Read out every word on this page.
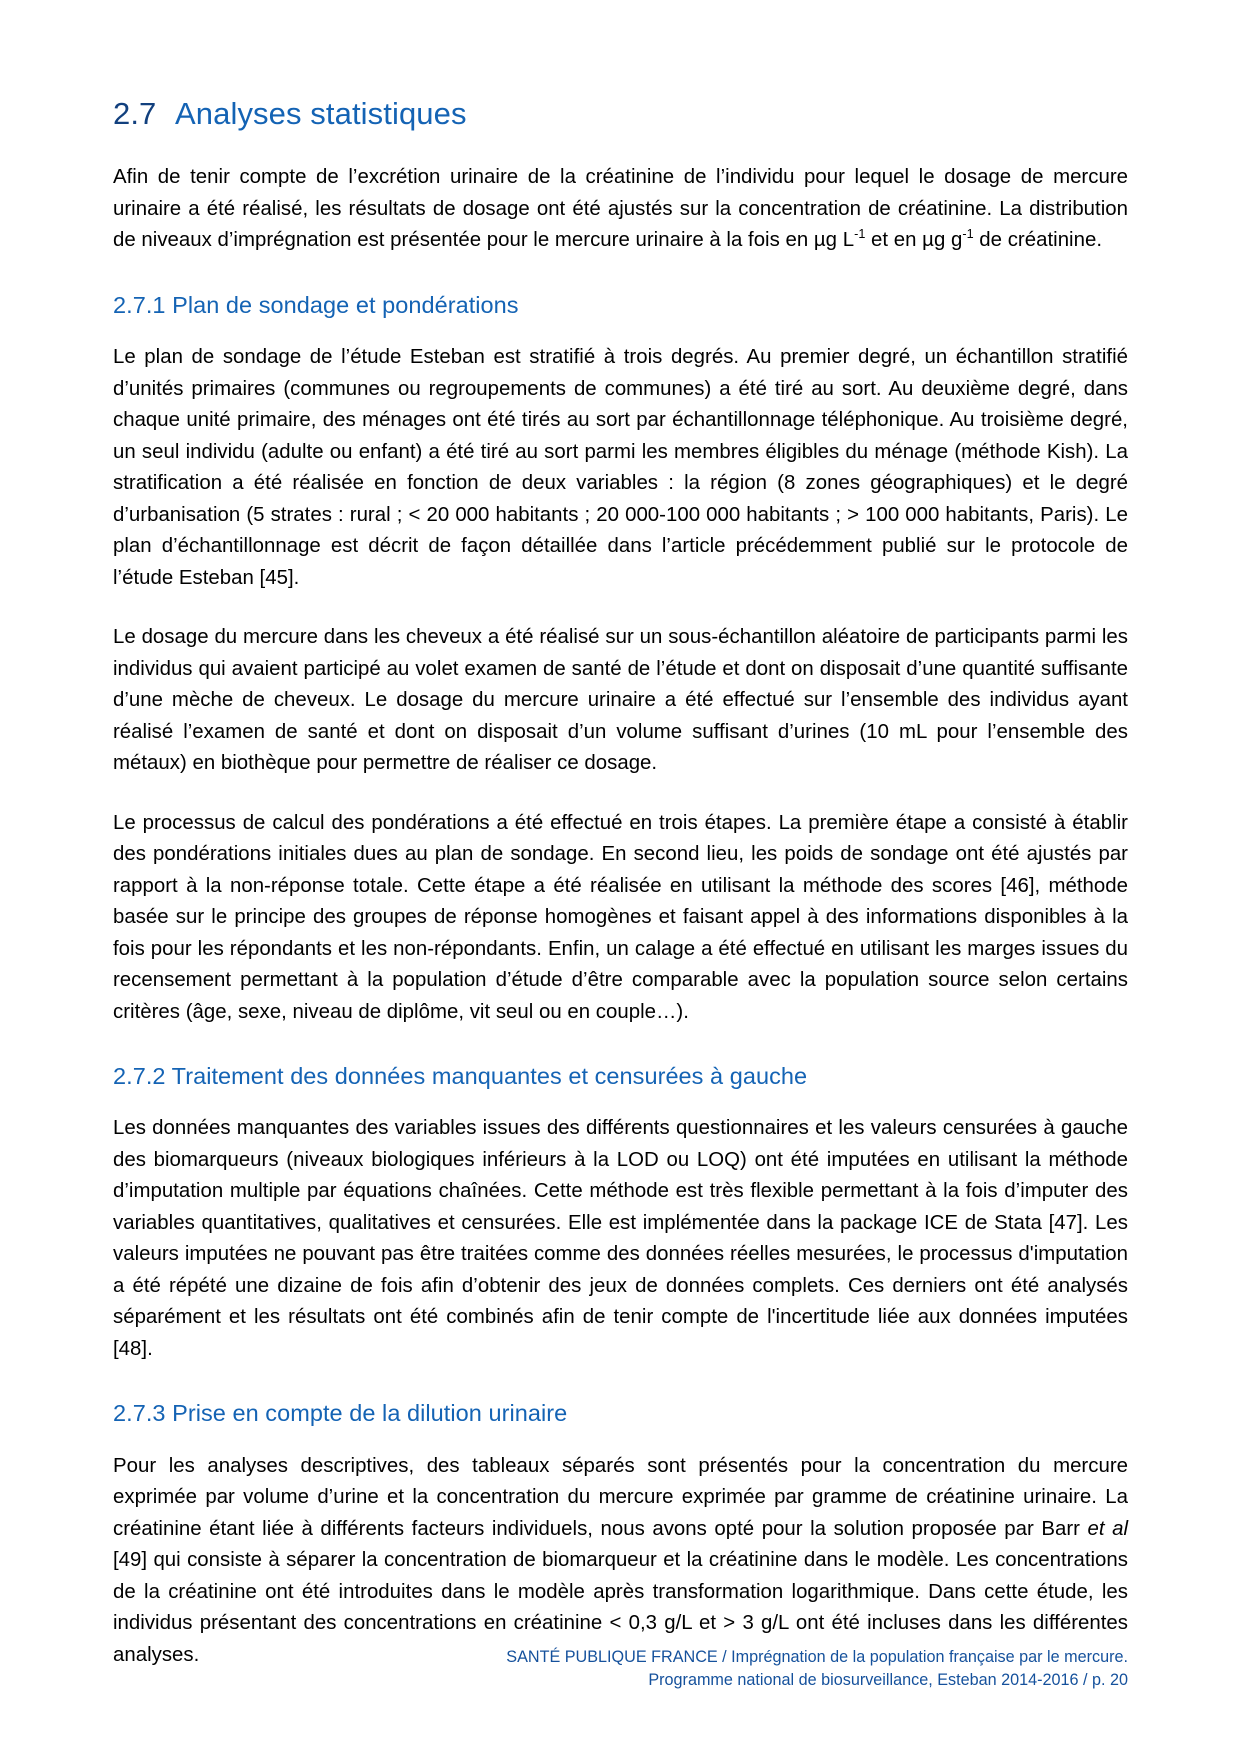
2.7 Analyses statistiques

Afin de tenir compte de l’excrétion urinaire de la créatinine de l’individu pour lequel le dosage de mercure urinaire a été réalisé, les résultats de dosage ont été ajustés sur la concentration de créatinine. La distribution de niveaux d’imprégnation est présentée pour le mercure urinaire à la fois en µg $L^{-1}$ et en µg $g^{-1}$ de créatinine.

2.7.1 Plan de sondage et pondérations

Le plan de sondage de l’étude Esteban est stratifié à trois degrés. Au premier degré, un échantillon stratifié d’unités primaires (communes ou regroupements de communes) a été tiré au sort. Au deuxième degré, dans chaque unité primaire, des ménages ont été tirés au sort par échantillonnage téléphonique. Au troisième degré, un seul individu (adulte ou enfant) a été tiré au sort parmi les membres éligibles du ménage (méthode Kish). La stratification a été réalisée en fonction de deux variables : la région (8 zones géographiques) et le degré d’urbanisation (5 strates : rural ; < 20 000 habitants ; 20 000-100 000 habitants ; > 100 000 habitants, Paris). Le plan d’échantillonnage est décrit de façon détaillée dans l’article précédemment publié sur le protocole de l’étude Esteban [45].

Le dosage du mercure dans les cheveux a été réalisé sur un sous-échantillon aléatoire de participants parmi les individus qui avaient participé au volet examen de santé de l’étude et dont on disposait d’une quantité suffisante d’une mèche de cheveux. Le dosage du mercure urinaire a été effectué sur l’ensemble des individus ayant réalisé l’examen de santé et dont on disposait d’un volume suffisant d’urines (10 mL pour l’ensemble des métaux) en biothèque pour permettre de réaliser ce dosage.

Le processus de calcul des pondérations a été effectué en trois étapes. La première étape a consisté à établir des pondérations initiales dues au plan de sondage. En second lieu, les poids de sondage ont été ajustés par rapport à la non-réponse totale. Cette étape a été réalisée en utilisant la méthode des scores [46], méthode basée sur le principe des groupes de réponse homogènes et faisant appel à des informations disponibles à la fois pour les répondants et les non-répondants. Enfin, un calage a été effectué en utilisant les marges issues du recensement permettant à la population d’étude d’être comparable avec la population source selon certains critères (âge, sexe, niveau de diplôme, vit seul ou en couple…).

2.7.2 Traitement des données manquantes et censurées à gauche

Les données manquantes des variables issues des différents questionnaires et les valeurs censurées à gauche des biomarqueurs (niveaux biologiques inférieurs à la LOD ou LOQ) ont été imputées en utilisant la méthode d’imputation multiple par équations chaînées. Cette méthode est très flexible permettant à la fois d’imputer des variables quantitatives, qualitatives et censurées. Elle est implémentée dans la package ICE de Stata [47]. Les valeurs imputées ne pouvant pas être traitées comme des données réelles mesurées, le processus d'imputation a été répété une dizaine de fois afin d’obtenir des jeux de données complets. Ces derniers ont été analysés séparément et les résultats ont été combinés afin de tenir compte de l'incertitude liée aux données imputées [48].

2.7.3 Prise en compte de la dilution urinaire

Pour les analyses descriptives, des tableaux séparés sont présentés pour la concentration du mercure exprimée par volume d’urine et la concentration du mercure exprimée par gramme de créatinine urinaire. La créatinine étant liée à différents facteurs individuels, nous avons opté pour la solution proposée par Barr et al [49] qui consiste à séparer la concentration de biomarqueur et la créatinine dans le modèle. Les concentrations de la créatinine ont été introduites dans le modèle après transformation logarithmique. Dans cette étude, les individus présentant des concentrations en créatinine < 0,3 g/L et > 3 g/L ont été incluses dans les différentes analyses.	SANTÉ PUBLIQUE FRANCE / Imprégnation de la population française par le mercure.
Programme national de biosurveillance, Esteban 2014-2016 / p. 20
